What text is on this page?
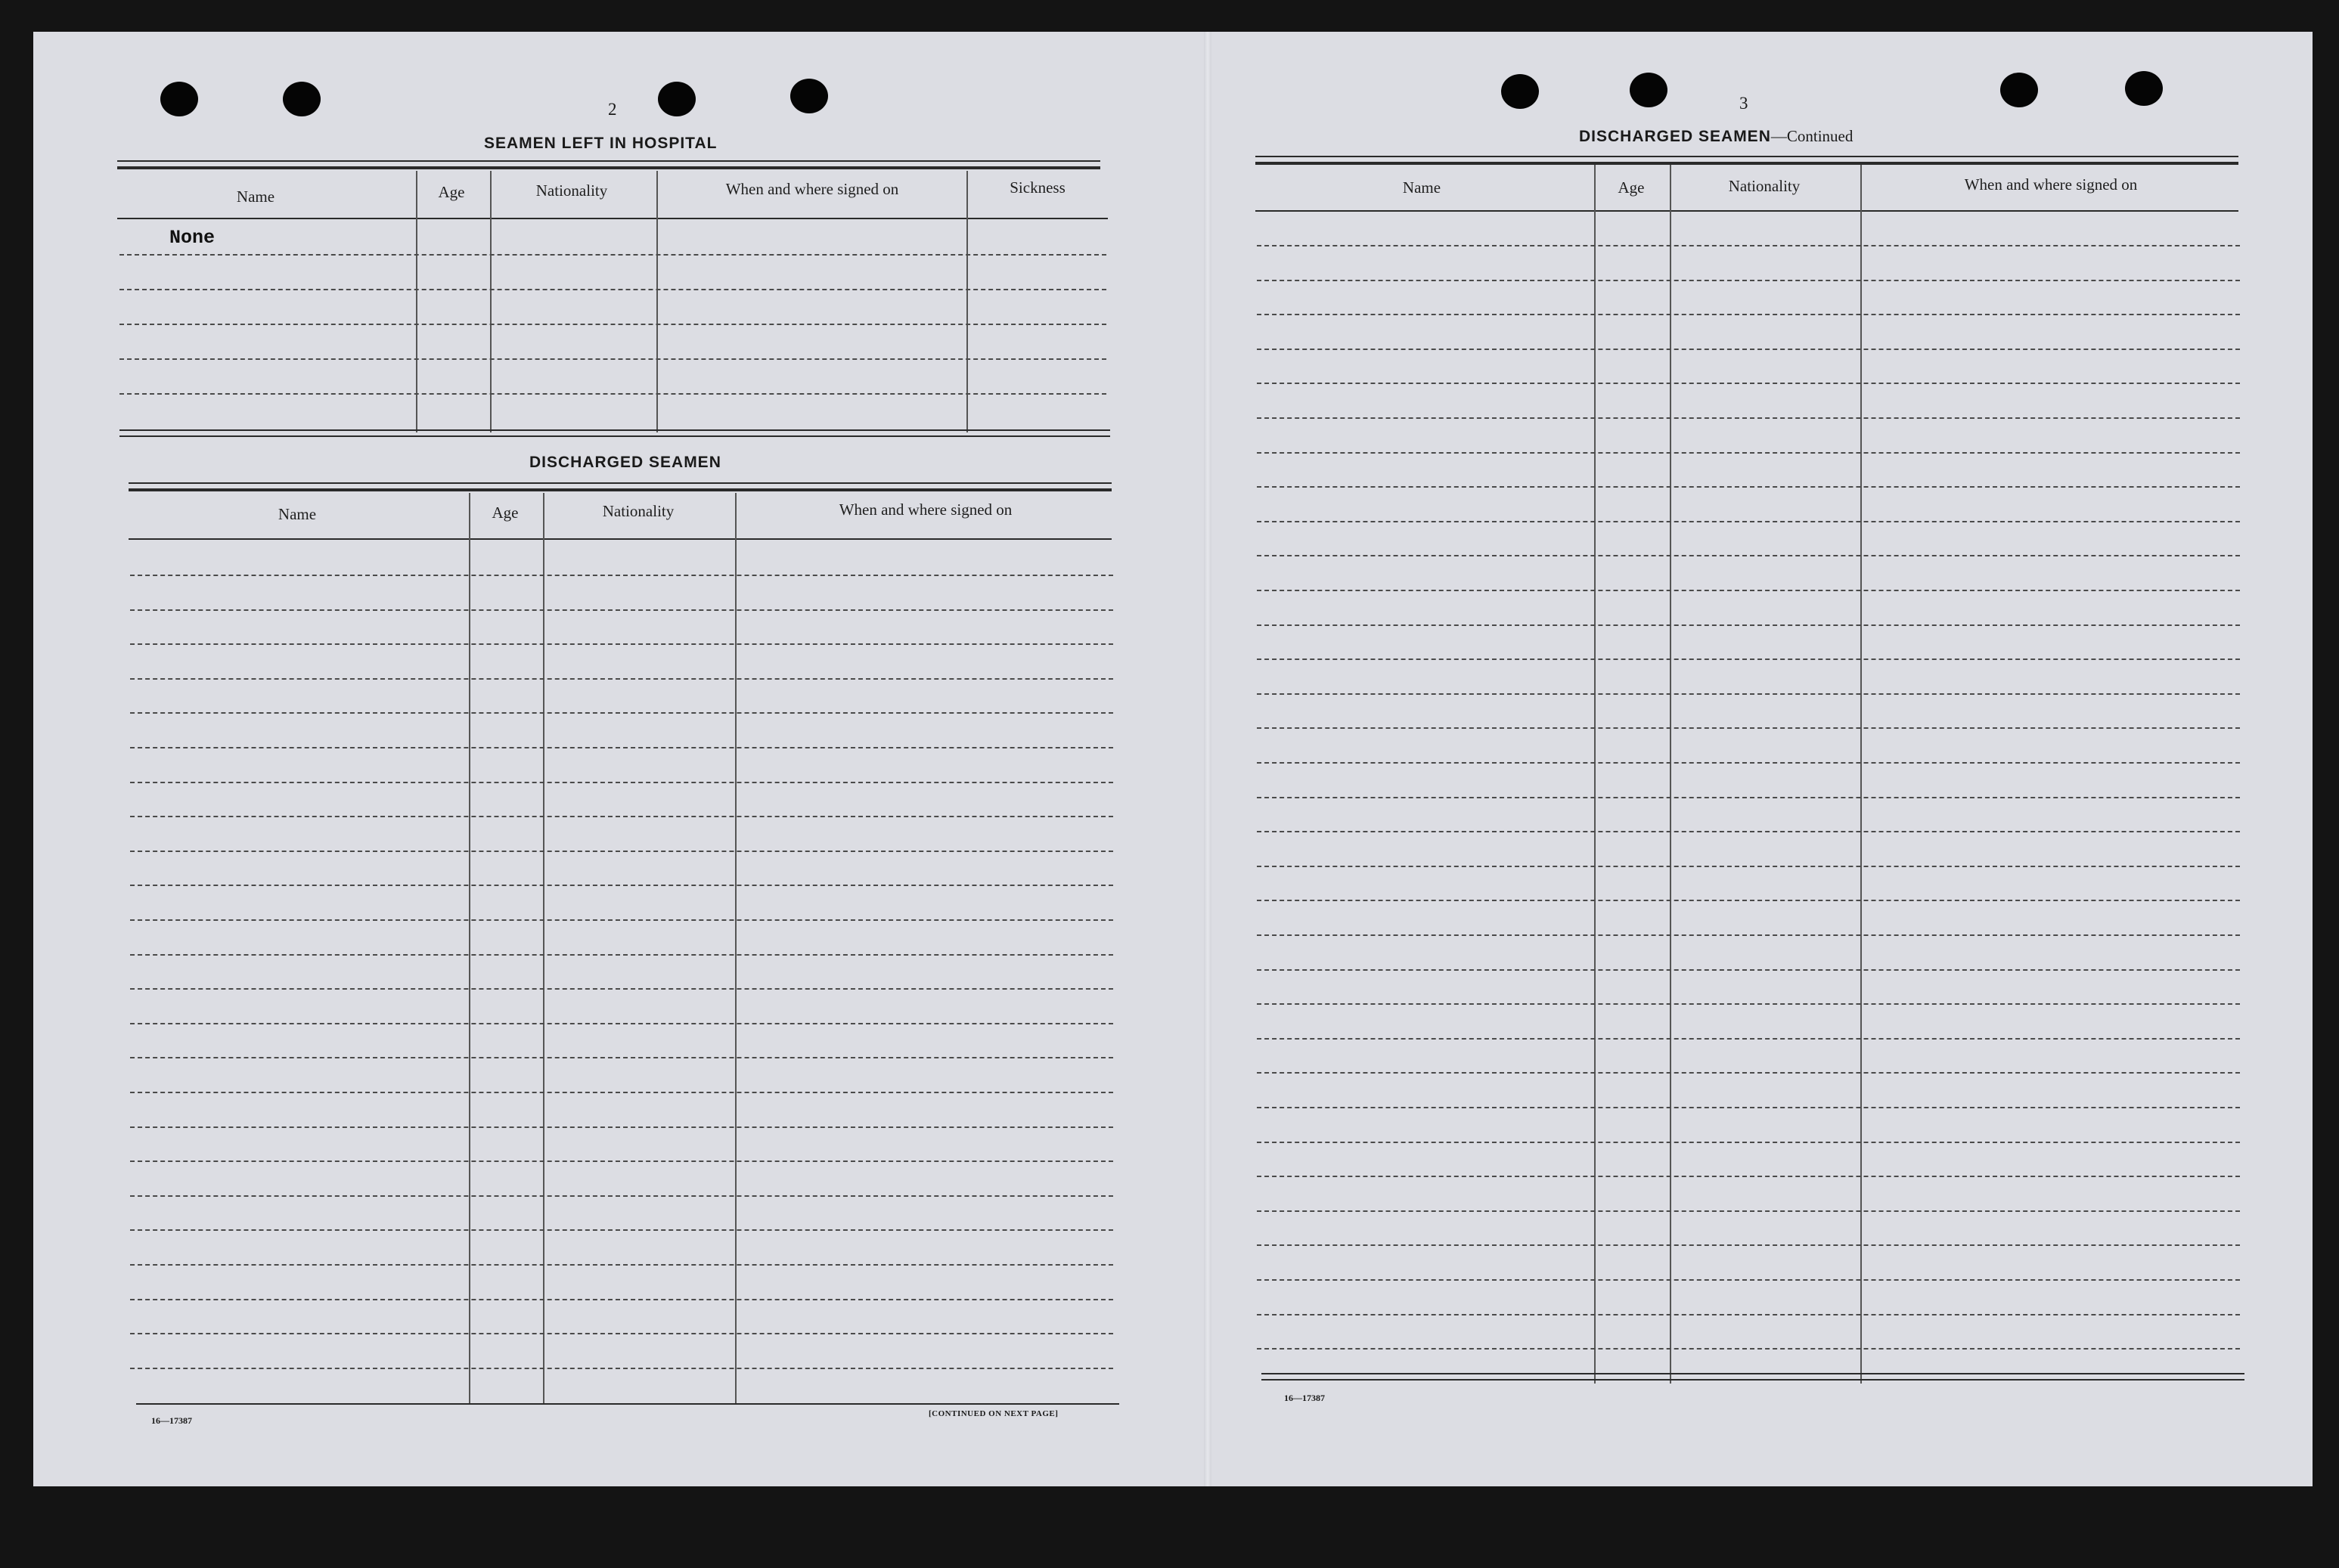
2
SEAMEN LEFT IN HOSPITAL
Name	Age	Nationality	When and where signed on	Sickness
None
DISCHARGED SEAMEN
Name	Age	Nationality	When and where signed on
16—17387
[CONTINUED ON NEXT PAGE]
3
DISCHARGED SEAMEN—Continued
Name	Age	Nationality	When and where signed on
16—17387
